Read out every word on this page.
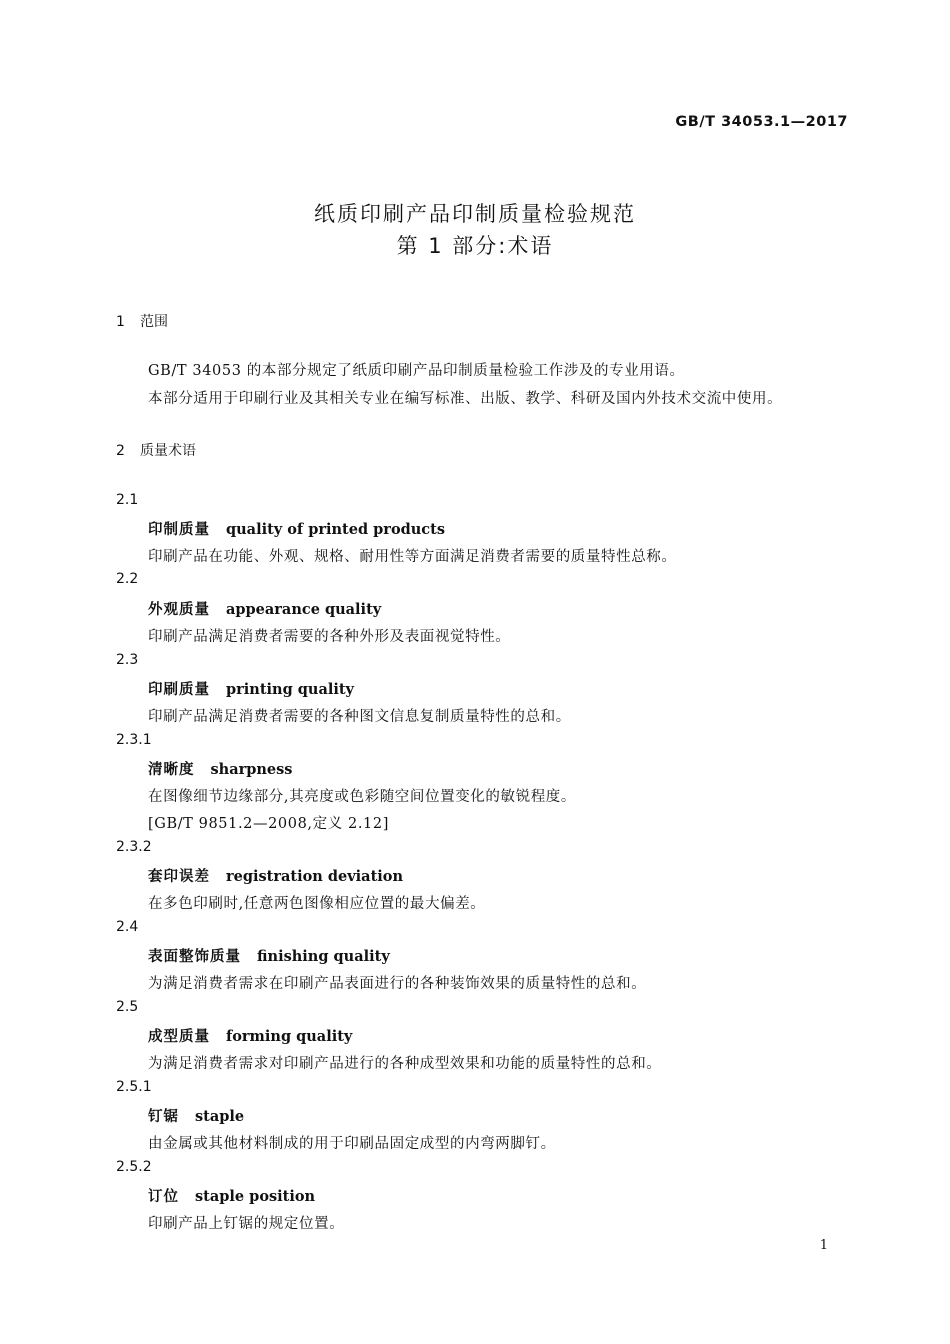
GB/T 34053.1—2017
纸质印刷产品印制质量检验规范
第 1 部分:术语
1 范围
GB/T 34053 的本部分规定了纸质印刷产品印制质量检验工作涉及的专业用语。
本部分适用于印刷行业及其相关专业在编写标准、出版、教学、科研及国内外技术交流中使用。
2 质量术语
2.1
印制质量 quality of printed products
印刷产品在功能、外观、规格、耐用性等方面满足消费者需要的质量特性总称。
2.2
外观质量 appearance quality
印刷产品满足消费者需要的各种外形及表面视觉特性。
2.3
印刷质量 printing quality
印刷产品满足消费者需要的各种图文信息复制质量特性的总和。
2.3.1
清晰度 sharpness
在图像细节边缘部分,其亮度或色彩随空间位置变化的敏锐程度。
[GB/T 9851.2—2008,定义 2.12]
2.3.2
套印误差 registration deviation
在多色印刷时,任意两色图像相应位置的最大偏差。
2.4
表面整饰质量 finishing quality
为满足消费者需求在印刷产品表面进行的各种装饰效果的质量特性的总和。
2.5
成型质量 forming quality
为满足消费者需求对印刷产品进行的各种成型效果和功能的质量特性的总和。
2.5.1
钉锯 staple
由金属或其他材料制成的用于印刷品固定成型的内弯两脚钉。
2.5.2
订位 staple position
印刷产品上钉锯的规定位置。
1
